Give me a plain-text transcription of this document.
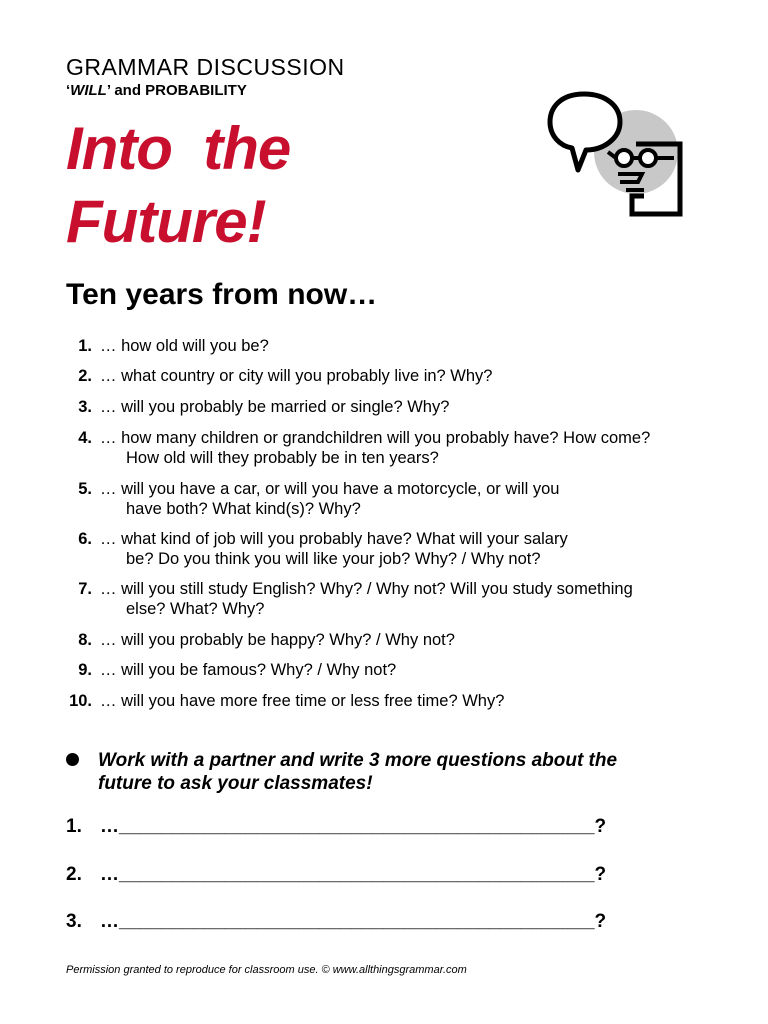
GRAMMAR DISCUSSION
‘WILL’ and PROBABILITY
Into  the
Future!
Ten years from now…
1. … how old will you be?
2. … what country or city will you probably live in? Why?
3. … will you probably be married or single? Why?
4. … how many children or grandchildren will you probably have? How come?
How old will they probably be in ten years?
5. … will you have a car, or will you have a motorcycle, or will you
have both? What kind(s)? Why?
6. … what kind of job will you probably have? What will your salary
be? Do you think you will like your job? Why? / Why not?
7. … will you still study English? Why? / Why not? Will you study something
else? What? Why?
8. … will you probably be happy? Why? / Why not?
9. … will you be famous? Why? / Why not?
10. … will you have more free time or less free time? Why?
Work with a partner and write 3 more questions about the
future to ask your classmates!
1. …_____________________________________________?
2. …_____________________________________________?
3. …_____________________________________________?
Permission granted to reproduce for classroom use. © www.allthingsgrammar.com
